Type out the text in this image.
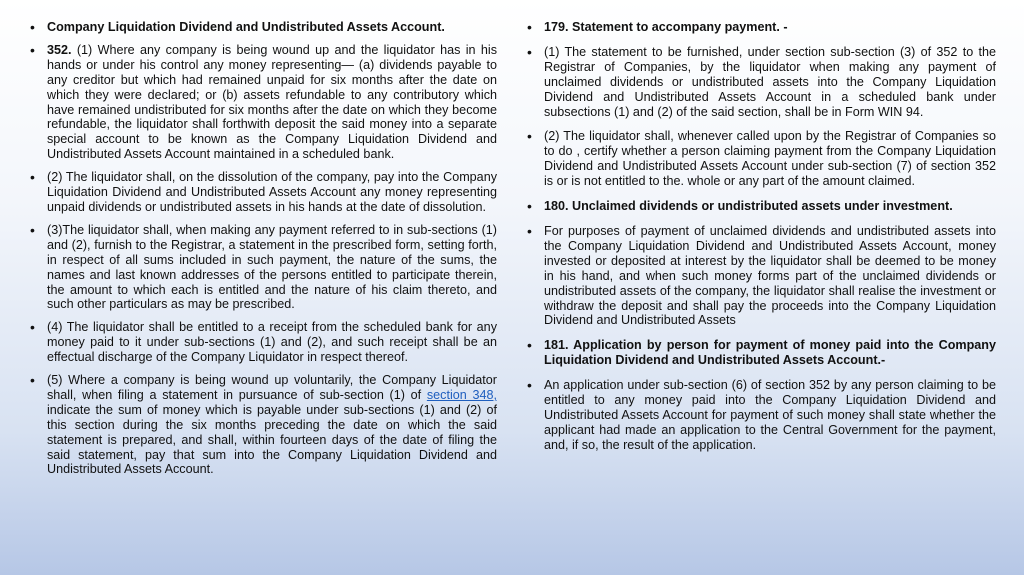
• Company Liquidation Dividend and Undistributed Assets Account.
• 352. (1) Where any company is being wound up and the liquidator has in his hands or under his control any money representing— (a) dividends payable to any creditor but which had remained unpaid for six months after the date on which they were declared; or (b) assets refundable to any contributory which have remained undistributed for six months after the date on which they become refundable, the liquidator shall forthwith deposit the said money into a separate special account to be known as the Company Liquidation Dividend and Undistributed Assets Account maintained in a scheduled bank.
• (2) The liquidator shall, on the dissolution of the company, pay into the Company Liquidation Dividend and Undistributed Assets Account any money representing unpaid dividends or undistributed assets in his hands at the date of dissolution.
• (3)The liquidator shall, when making any payment referred to in sub-sections (1) and (2), furnish to the Registrar, a statement in the prescribed form, setting forth, in respect of all sums included in such payment, the nature of the sums, the names and last known addresses of the persons entitled to participate therein, the amount to which each is entitled and the nature of his claim thereto, and such other particulars as may be prescribed.
• (4) The liquidator shall be entitled to a receipt from the scheduled bank for any money paid to it under sub-sections (1) and (2), and such receipt shall be an effectual discharge of the Company Liquidator in respect thereof.
• (5) Where a company is being wound up voluntarily, the Company Liquidator shall, when filing a statement in pursuance of sub-section (1) of section 348, indicate the sum of money which is payable under sub-sections (1) and (2) of this section during the six months preceding the date on which the said statement is prepared, and shall, within fourteen days of the date of filing the said statement, pay that sum into the Company Liquidation Dividend and Undistributed Assets Account.
• 179. Statement to accompany payment. -
• (1) The statement to be furnished, under section sub-section (3) of 352 to the Registrar of Companies, by the liquidator when making any payment of unclaimed dividends or undistributed assets into the Company Liquidation Dividend and Undistributed Assets Account in a scheduled bank under subsections (1) and (2) of the said section, shall be in Form WIN 94.
• (2) The liquidator shall, whenever called upon by the Registrar of Companies so to do , certify whether a person claiming payment from the Company Liquidation Dividend and Undistributed Assets Account under sub-section (7) of section 352 is or is not entitled to the. whole or any part of the amount claimed.
• 180. Unclaimed dividends or undistributed assets under investment.
• For purposes of payment of unclaimed dividends and undistributed assets into the Company Liquidation Dividend and Undistributed Assets Account, money invested or deposited at interest by the liquidator shall be deemed to be money in his hand, and when such money forms part of the unclaimed dividends or undistributed assets of the company, the liquidator shall realise the investment or withdraw the deposit and shall pay the proceeds into the Company Liquidation Dividend and Undistributed Assets
• 181. Application by person for payment of money paid into the Company Liquidation Dividend and Undistributed Assets Account.-
• An application under sub-section (6) of section 352 by any person claiming to be entitled to any money paid into the Company Liquidation Dividend and Undistributed Assets Account for payment of such money shall state whether the applicant had made an application to the Central Government for the payment, and, if so, the result of the application.
